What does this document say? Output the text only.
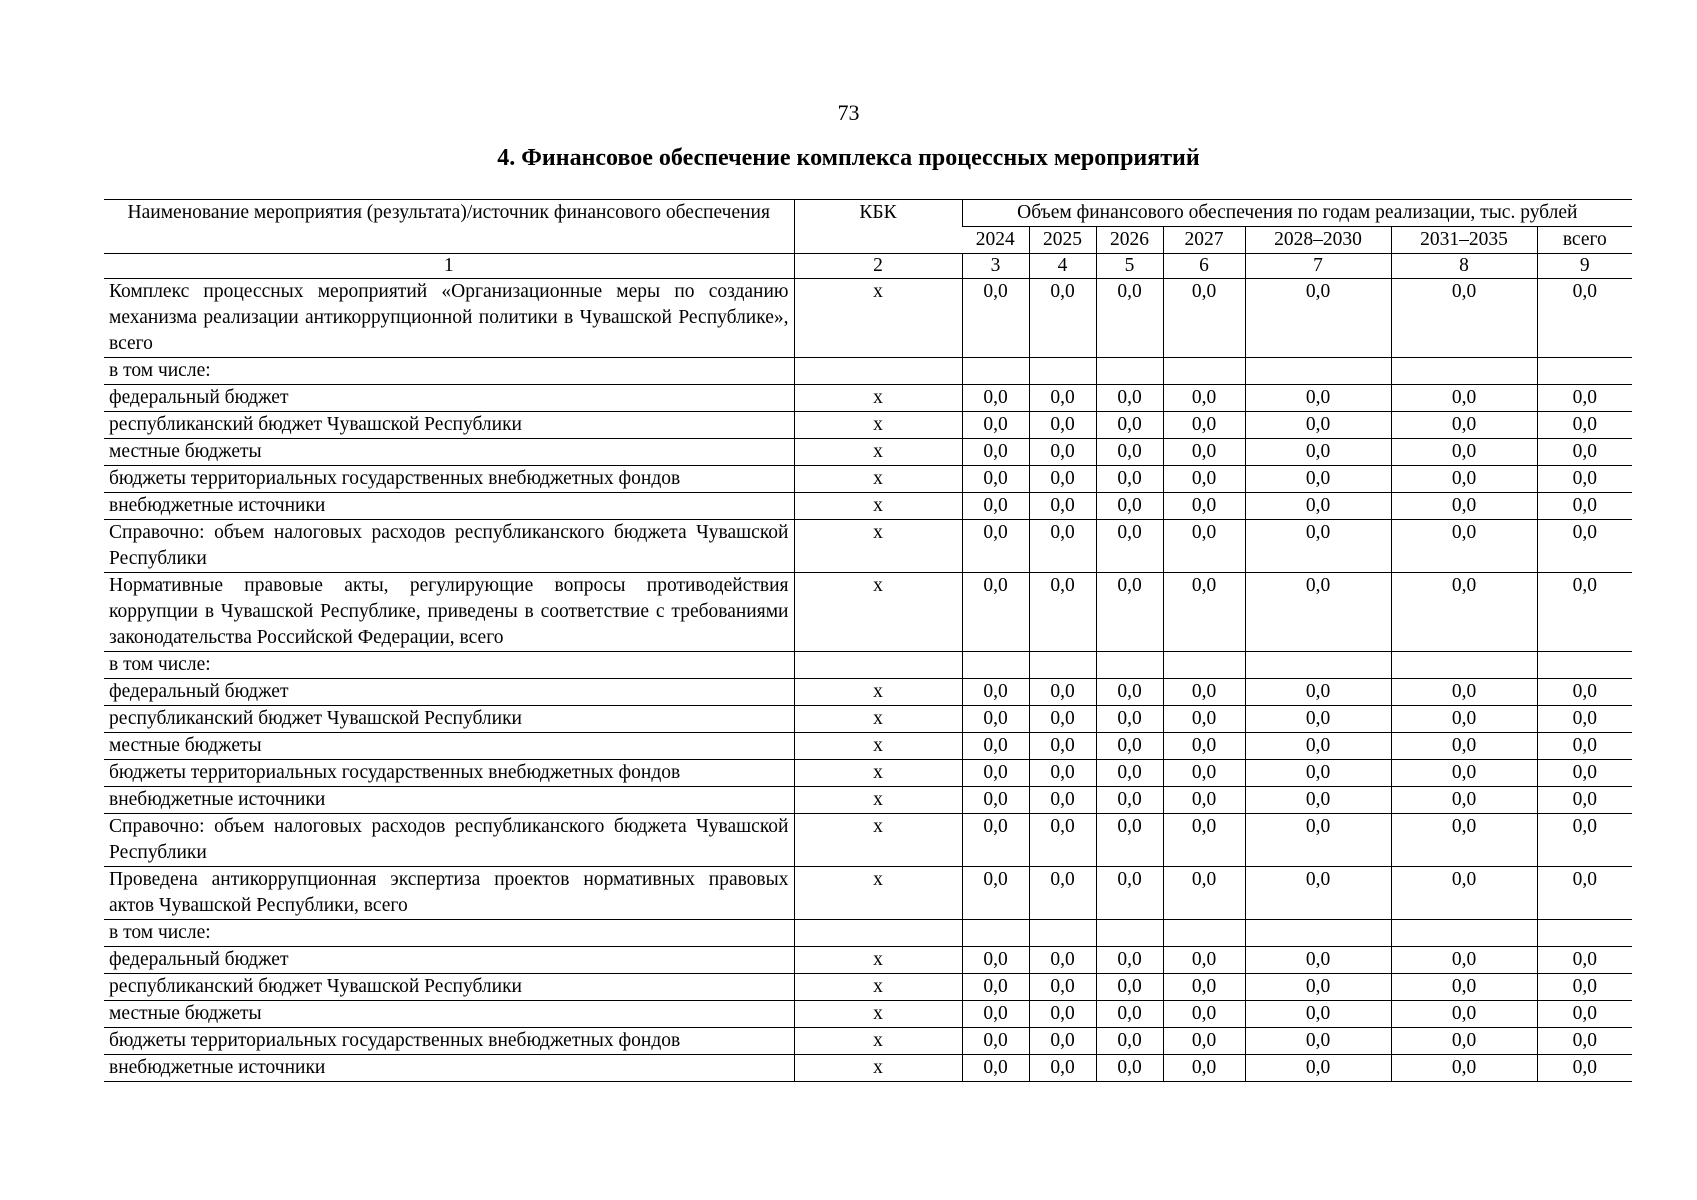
73
4. Финансовое обеспечение комплекса процессных мероприятий
Наименование мероприятия (результата)/источник финансового обеспечения	КБК	Объем финансового обеспечения по годам реализации, тыс. рублей						
		2024	2025	2026	2027	2028–2030	2031–2035	всего
1	2	3	4	5	6	7	8	9
Комплекс процессных мероприятий «Организационные меры по созданию механизма реализации антикоррупционной политики в Чувашской Республике», всего	x	0,0	0,0	0,0	0,0	0,0	0,0	0,0
в том числе:								
федеральный бюджет	x	0,0	0,0	0,0	0,0	0,0	0,0	0,0
республиканский бюджет Чувашской Республики	x	0,0	0,0	0,0	0,0	0,0	0,0	0,0
местные бюджеты	x	0,0	0,0	0,0	0,0	0,0	0,0	0,0
бюджеты территориальных государственных внебюджетных фондов	x	0,0	0,0	0,0	0,0	0,0	0,0	0,0
внебюджетные источники	x	0,0	0,0	0,0	0,0	0,0	0,0	0,0
Справочно: объем налоговых расходов республиканского бюджета Чувашской Республики	x	0,0	0,0	0,0	0,0	0,0	0,0	0,0
Нормативные правовые акты, регулирующие вопросы противодействия коррупции в Чувашской Республике, приведены в соответствие с требованиями законодательства Российской Федерации, всего	x	0,0	0,0	0,0	0,0	0,0	0,0	0,0
в том числе:								
федеральный бюджет	x	0,0	0,0	0,0	0,0	0,0	0,0	0,0
республиканский бюджет Чувашской Республики	x	0,0	0,0	0,0	0,0	0,0	0,0	0,0
местные бюджеты	x	0,0	0,0	0,0	0,0	0,0	0,0	0,0
бюджеты территориальных государственных внебюджетных фондов	x	0,0	0,0	0,0	0,0	0,0	0,0	0,0
внебюджетные источники	x	0,0	0,0	0,0	0,0	0,0	0,0	0,0
Справочно: объем налоговых расходов республиканского бюджета Чувашской Республики	x	0,0	0,0	0,0	0,0	0,0	0,0	0,0
Проведена антикоррупционная экспертиза проектов нормативных правовых актов Чувашской Республики, всего	x	0,0	0,0	0,0	0,0	0,0	0,0	0,0
в том числе:								
федеральный бюджет	x	0,0	0,0	0,0	0,0	0,0	0,0	0,0
республиканский бюджет Чувашской Республики	x	0,0	0,0	0,0	0,0	0,0	0,0	0,0
местные бюджеты	x	0,0	0,0	0,0	0,0	0,0	0,0	0,0
бюджеты территориальных государственных внебюджетных фондов	x	0,0	0,0	0,0	0,0	0,0	0,0	0,0
внебюджетные источники	x	0,0	0,0	0,0	0,0	0,0	0,0	0,0
